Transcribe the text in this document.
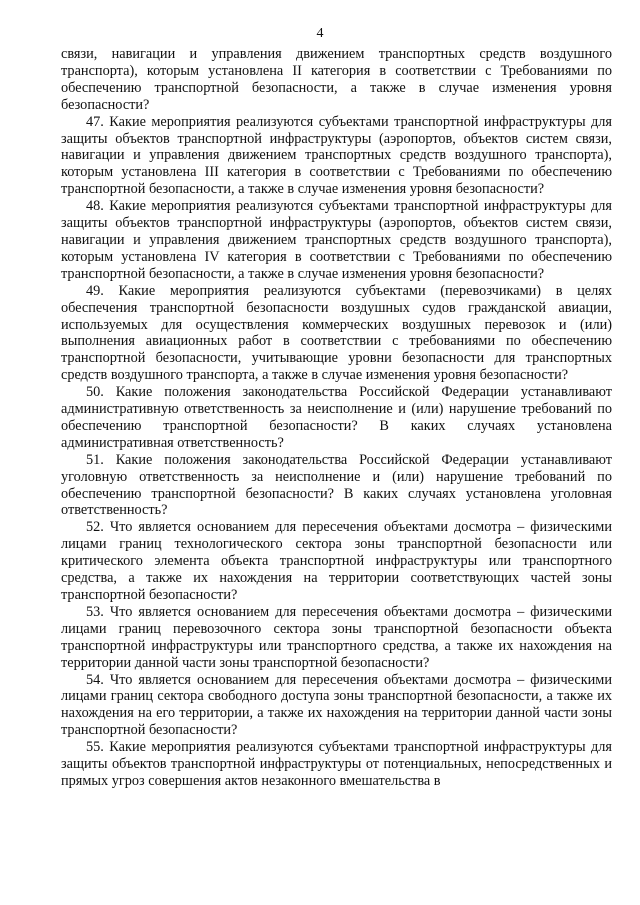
4

связи, навигации и управления движением транспортных средств воздушного транспорта), которым установлена II категория в соответствии с Требованиями по обеспечению транспортной безопасности, а также в случае изменения уровня безопасности?

47. Какие мероприятия реализуются субъектами транспортной инфраструктуры для защиты объектов транспортной инфраструктуры (аэропортов, объектов систем связи, навигации и управления движением транспортных средств воздушного транспорта), которым установлена III категория в соответствии с Требованиями по обеспечению транспортной безопасности, а также в случае изменения уровня безопасности?

48. Какие мероприятия реализуются субъектами транспортной инфраструктуры для защиты объектов транспортной инфраструктуры (аэропортов, объектов систем связи, навигации и управления движением транспортных средств воздушного транспорта), которым установлена IV категория в соответствии с Требованиями по обеспечению транспортной безопасности, а также в случае изменения уровня безопасности?

49. Какие мероприятия реализуются субъектами (перевозчиками) в целях обеспечения транспортной безопасности воздушных судов гражданской авиации, используемых для осуществления коммерческих воздушных перевозок и (или) выполнения авиационных работ в соответствии с требованиями по обеспечению транспортной безопасности, учитывающие уровни безопасности для транспортных средств воздушного транспорта, а также в случае изменения уровня безопасности?

50. Какие положения законодательства Российской Федерации устанавливают административную ответственность за неисполнение и (или) нарушение требований по обеспечению транспортной безопасности? В каких случаях установлена административная ответственность?

51. Какие положения законодательства Российской Федерации устанавливают уголовную ответственность за неисполнение и (или) нарушение требований по обеспечению транспортной безопасности? В каких случаях установлена уголовная ответственность?

52. Что является основанием для пересечения объектами досмотра – физическими лицами границ технологического сектора зоны транспортной безопасности или критического элемента объекта транспортной инфраструктуры или транспортного средства, а также их нахождения на территории соответствующих частей зоны транспортной безопасности?

53. Что является основанием для пересечения объектами досмотра – физическими лицами границ перевозочного сектора зоны транспортной безопасности объекта транспортной инфраструктуры или транспортного средства, а также их нахождения на территории данной части зоны транспортной безопасности?

54. Что является основанием для пересечения объектами досмотра – физическими лицами границ сектора свободного доступа зоны транспортной безопасности, а также их нахождения на его территории, а также их нахождения на территории данной части зоны транспортной безопасности?

55. Какие мероприятия реализуются субъектами транспортной инфраструктуры для защиты объектов транспортной инфраструктуры от потенциальных, непосредственных и прямых угроз совершения актов незаконного вмешательства в
